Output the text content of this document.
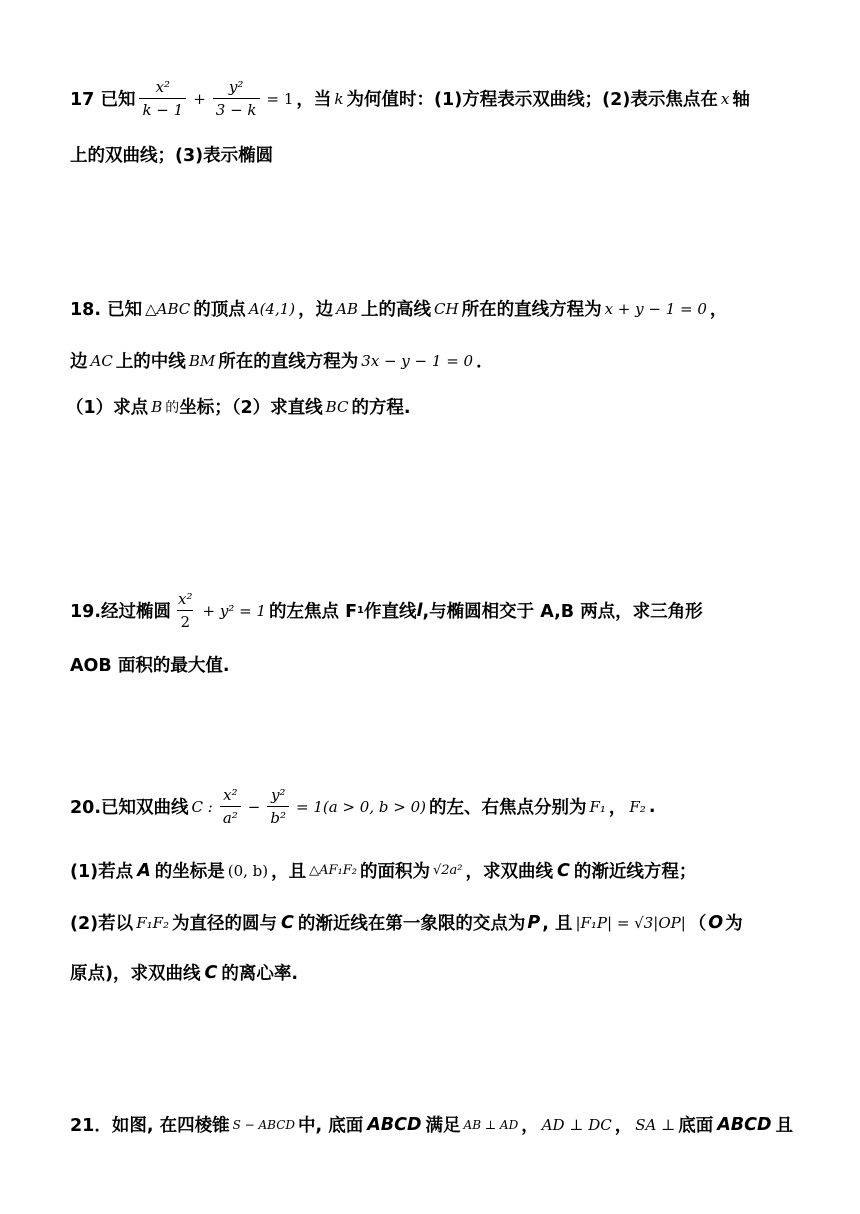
17 已知 $\frac{\text{x²}}{k - 1} + \frac{\text{y²}}{3 - k} = 1$ ，当 k 为何值时：(1)方程表示双曲线；(2)表示焦点在 x 轴
上的双曲线；(3)表示椭圆
18. 已知 △ABC 的顶点 A(4,1) ，边 AB 上的高线 CH 所在的直线方程为 x + y − 1 = 0 ，
边 AC 上的中线 BM 所在的直线方程为 3x − y − 1 = 0 ．
（1）求点 B 的 坐标；（2）求直线 BC 的方程.
19.经过椭圆 $\frac{\text{x²}}{2} + y^2 = 1$ 的左焦点 F 1 作直线 l ,与椭圆相交于 A,B 两点，求三角形
AOB 面积的最大值.
20.已知双曲线 C : $\frac{\text{x²}}{\text{a²}} - \frac{\text{y²}}{\text{b²}} = 1(a > 0$, b > 0) 的左、右焦点分别为 F₁ ， F₂ .
(1)若点 A 的坐标是 (0, b) ，且 △AF₁F₂ 的面积为 √2a² ，求双曲线 C 的渐近线方程；
(2)若以 F₁F₂ 为直径的圆与 C 的渐近线在第一象限的交点为 P , 且 |F₁P| = √3|OP| （ O 为
原点)，求双曲线 C 的离心率.
21．如图, 在四棱锥 S − ABCD 中, 底面 ABCD 满足 AB ⊥ AD ， AD ⊥ DC ， SA ⊥ 底面 ABCD 且
